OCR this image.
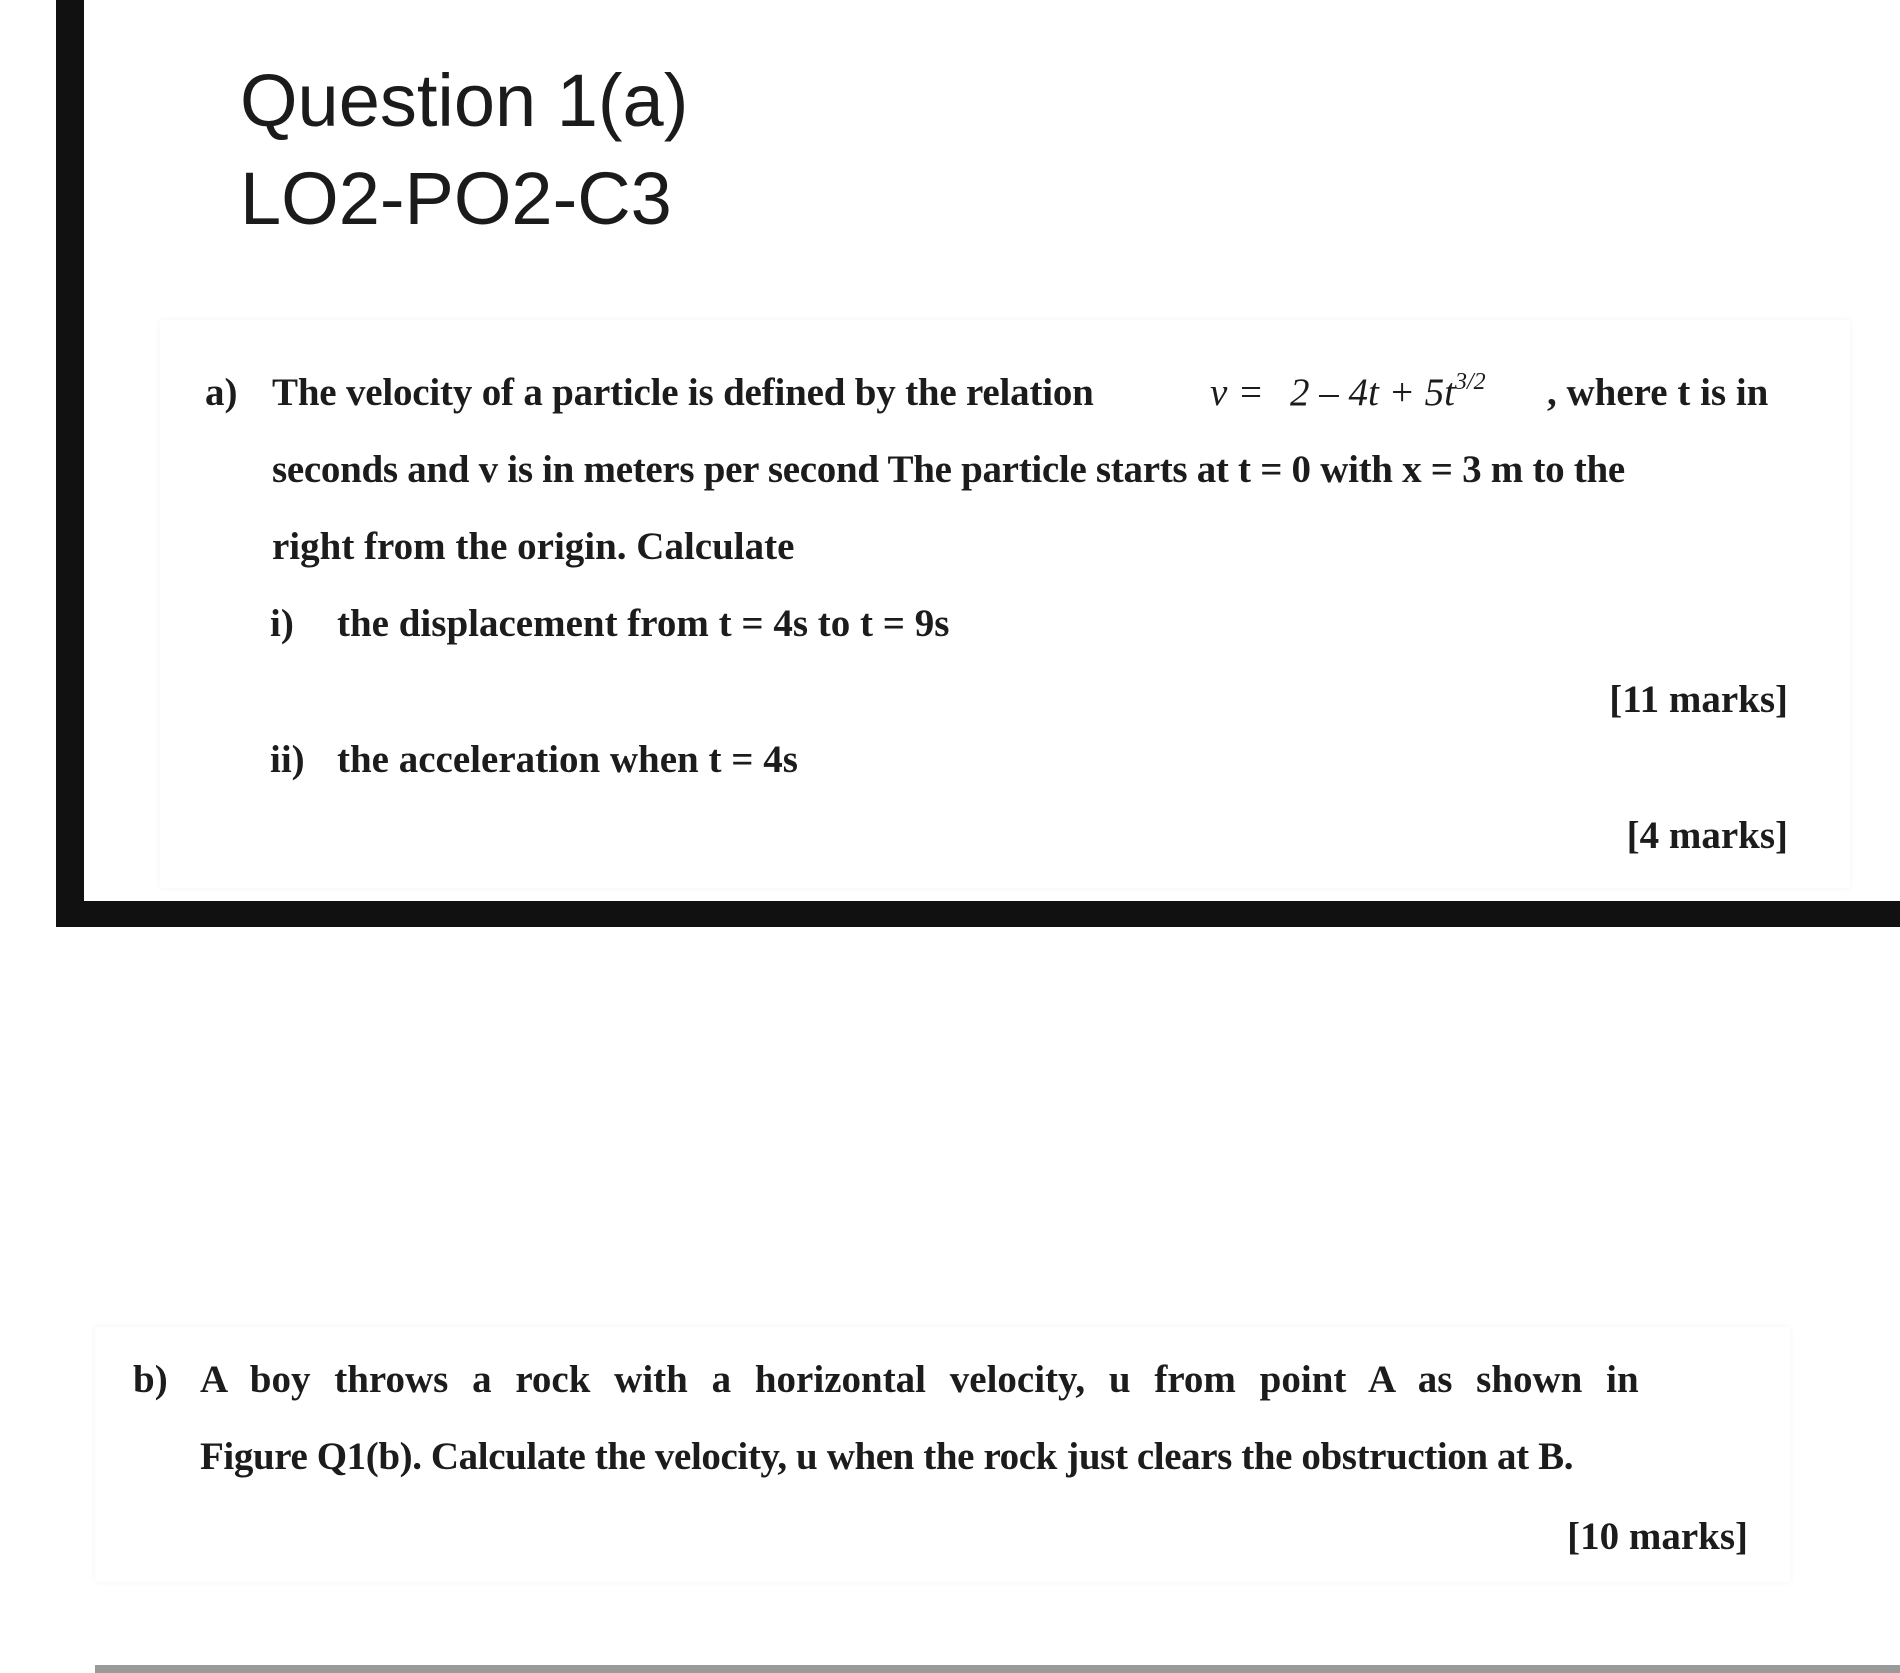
Question 1(a)
LO2-PO2-C3
a) The velocity of a particle is defined by the relation	$v = 2 - 4t + 5t^{3/2}$ , where t is in
seconds and v is in meters per second The particle starts at t = 0 with x = 3 m to the
right from the origin. Calculate
i) the displacement from t = 4s to t = 9s
[11 marks]
ii) the acceleration when t = 4s
[4 marks]
b) A boy throws a rock with a horizontal velocity, u from point A as shown in
Figure Q1(b). Calculate the velocity, u when the rock just clears the obstruction at B.
[10 marks]
